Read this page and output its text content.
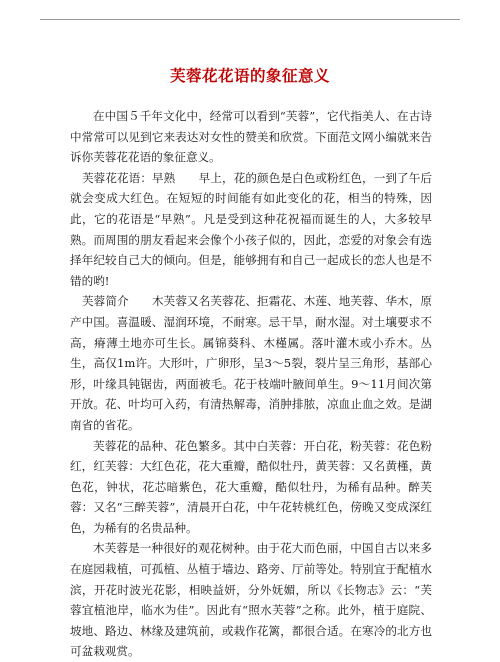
芙蓉花花语的象征意义

在中国５千年文化中，经常可以看到“芙蓉”，它代指美人、在古诗中常常可以见到它来表达对女性的赞美和欣赏。下面范文网小编就来告诉你芙蓉花花语的象征意义。

芙蓉花花语：早熟　　早上，花的颜色是白色或粉红色，一到了午后就会变成大红色。在短短的时间能有如此变化的花，相当的特殊，因此，它的花语是“早熟”。凡是受到这种花祝福而诞生的人，大多较早熟。而周围的朋友看起来会像个小孩子似的，因此，恋爱的对象会有选择年纪较自己大的倾向。但是，能够拥有和自己一起成长的恋人也是不错的哟!

芙蓉简介　　木芙蓉又名芙蓉花、拒霜花、木莲、地芙蓉、华木，原产中国。喜温暖、湿润环境，不耐寒。忌干旱，耐水湿。对土壤要求不高，瘠薄土地亦可生长。属锦葵科、木槿属。落叶灌木或小乔木。丛生，高仅1m许。大形叶，广卵形，呈3～5裂，裂片呈三角形，基部心形，叶缘具钝锯齿，两面被毛。花于枝端叶腋间单生。9～11月间次第开放。花、叶均可入药，有清热解毒，消肿排脓，凉血止血之效。是湖南省的省花。

芙蓉花的品种、花色繁多。其中白芙蓉：开白花，粉芙蓉：花色粉红，红芙蓉：大红色花，花大重瓣，酷似牡丹，黄芙蓉：又名黄槿，黄色花，钟状，花芯暗紫色，花大重瓣，酷似牡丹，为稀有品种。醉芙蓉：又名“三醉芙蓉”，清晨开白花，中午花转桃红色，傍晚又变成深红色，为稀有的名贵品种。

木芙蓉是一种很好的观花树种。由于花大而色丽，中国自古以来多在庭园栽植，可孤植、丛植于墙边、路旁、厅前等处。特别宜于配植水滨，开花时波光花影，相映益妍，分外妩媚，所以《长物志》云：“芙蓉宜植池岸，临水为佳”。因此有“照水芙蓉”之称。此外，植于庭院、坡地、路边、林缘及建筑前，或栽作花篱，都很合适。在寒冷的北方也可盆栽观赏。
